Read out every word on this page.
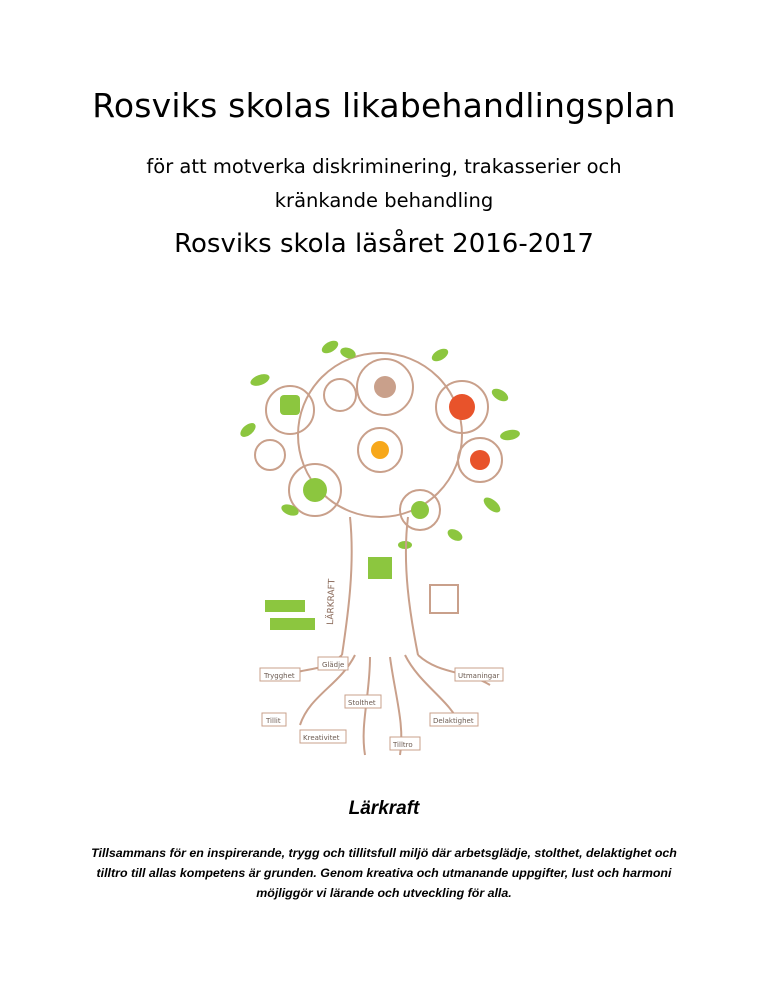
Rosviks skolas likabehandlingsplan
för att motverka diskriminering, trakasserier och kränkande behandling
Rosviks skola läsåret 2016-2017
LÄRKRAFT
Trygghet
Glädje
Stolthet
Utmaningar
Tillit
Kreativitet
Tilltro
Delaktighet
Lärkraft
Tillsammans för en inspirerande, trygg och tillitsfull miljö där arbetsglädje, stolthet, delaktighet och tilltro till allas kompetens är grunden. Genom kreativa och utmanande uppgifter, lust och harmoni möjliggör vi lärande och utveckling för alla.
